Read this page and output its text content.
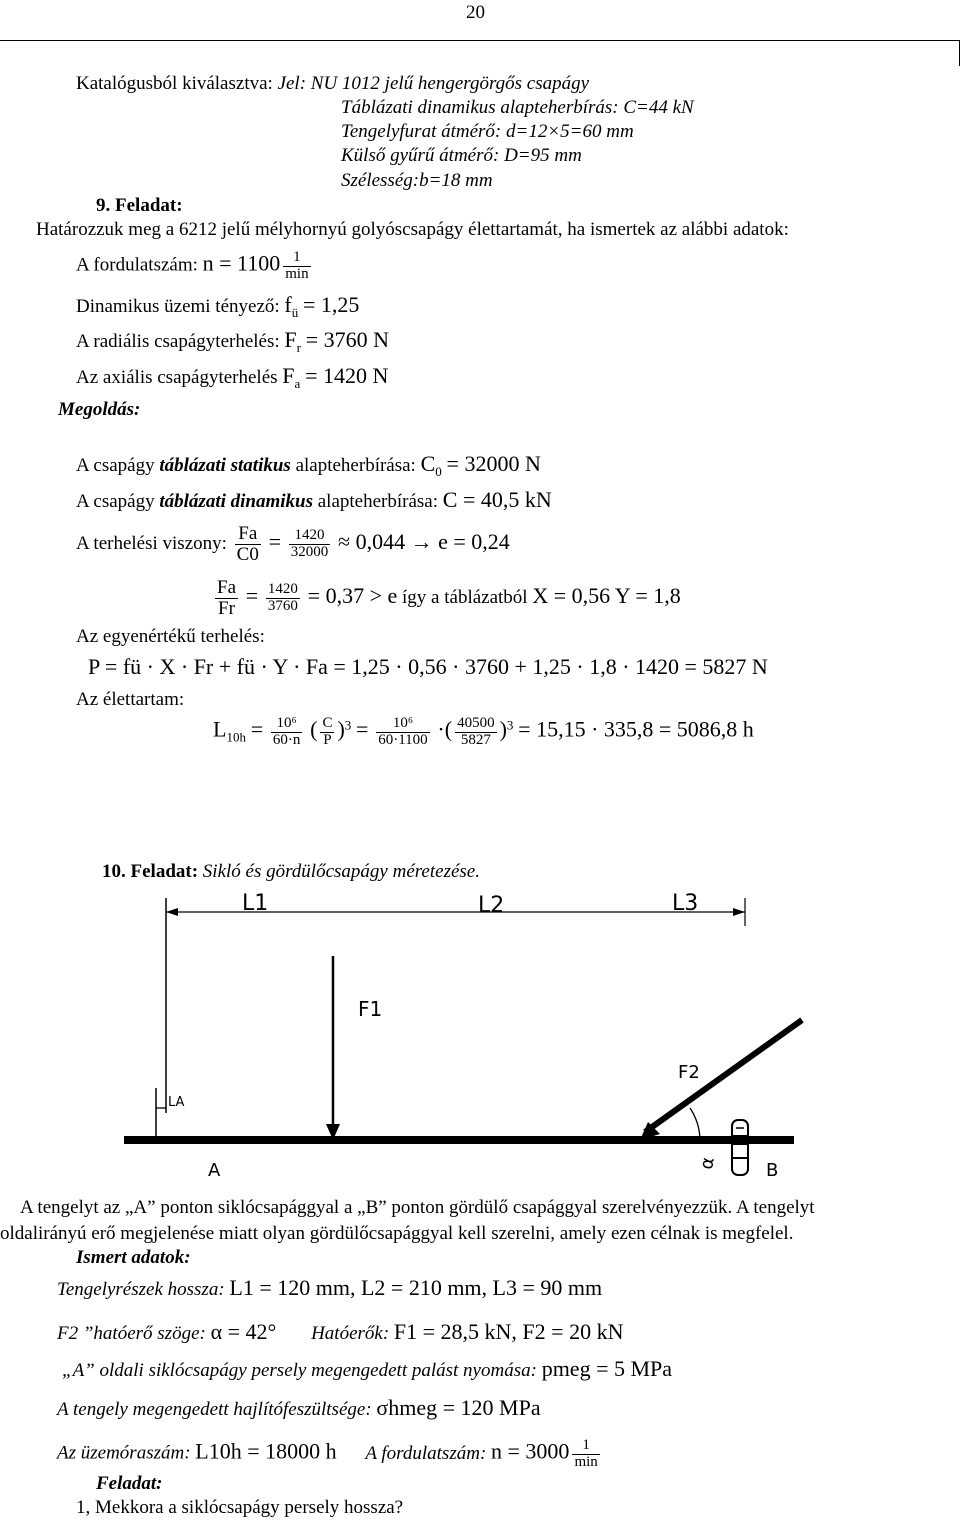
20
Katalógusból kiválasztva: Jel: NU 1012 jelű hengergörgős csapágy
Táblázati dinamikus alapteherbírás: C=44 kN
Tengelyfurat átmérő: d=12×5=60 mm
Külső gyűrű átmérő: D=95 mm
Szélesség:b=18 mm
9. Feladat:
Határozzuk meg a 6212 jelű mélyhornyú golyóscsapágy élettartamát, ha ismertek az alábbi adatok:
A fordulatszám: $n = 1100 \frac{1}{\min}$
Dinamikus üzemi tényező: $f_ü = 1,25$
A radiális csapágyterhelés: $F_r = 3760$ N
Az axiális csapágyterhelés $F_a = 1420$ N
Megoldás:
A csapágy táblázati statikus alapteherbírása: $C_0 = 32000$ N
A csapágy táblázati dinamikus alapteherbírása: C = 40,5 kN
A terhelési viszony: $\frac{Fa}{C0} = \frac{1420}{32000} \approx 0,044 \to e = 0,24$
$\frac{Fa}{Fr} = \frac{1420}{3760} = 0,37 > e$ így a táblázatból X = 0,56 Y = 1,8
Az egyenértékű terhelés:
P = fü · X · Fr + fü · Y · Fa = 1,25 · 0,56 · 3760 + 1,25 · 1,8 · 1420 = 5827 N
Az élettartam:
$L_{10h} = \frac{\text{10⁶}}{60\cdot n}$ ( $\frac{C}{P} )^3 = \frac{\text{10⁶}}{60\cdot 1100}$ ·( $\frac{40500}{5827} )^3 = 15,15 \cdot 335,8 = 5086,8$ h
10. Feladat: Sikló és gördülőcsapágy méretezése.
L1	L2	L3
F1
F2
α
LA
A	B
A tengelyt az „A” ponton siklócsapággyal a „B” ponton gördülő csapággyal szerelvényezzük. A tengelyt
oldalirányú erő megjelenése miatt olyan gördülőcsapággyal kell szerelni, amely ezen célnak is megfelel.
Ismert adatok:
Tengelyrészek hossza: L1 = 120 mm, L2 = 210 mm, L3 = 90 mm
F2 ”hatóerő szöge: α = 42° Hatóerők: F1 = 28,5 kN, F2 = 20 kN
„A” oldali siklócsapágy persely megengedett palást nyomása: pmeg = 5 MPa
A tengely megengedett hajlítófeszültsége: σhmeg = 120 MPa
Az üzemóraszám: L10h = 18000 h A fordulatszám: $n = 3000 \frac{1}{\min}$
Feladat:
1, Mekkora a siklócsapágy persely hossza?
